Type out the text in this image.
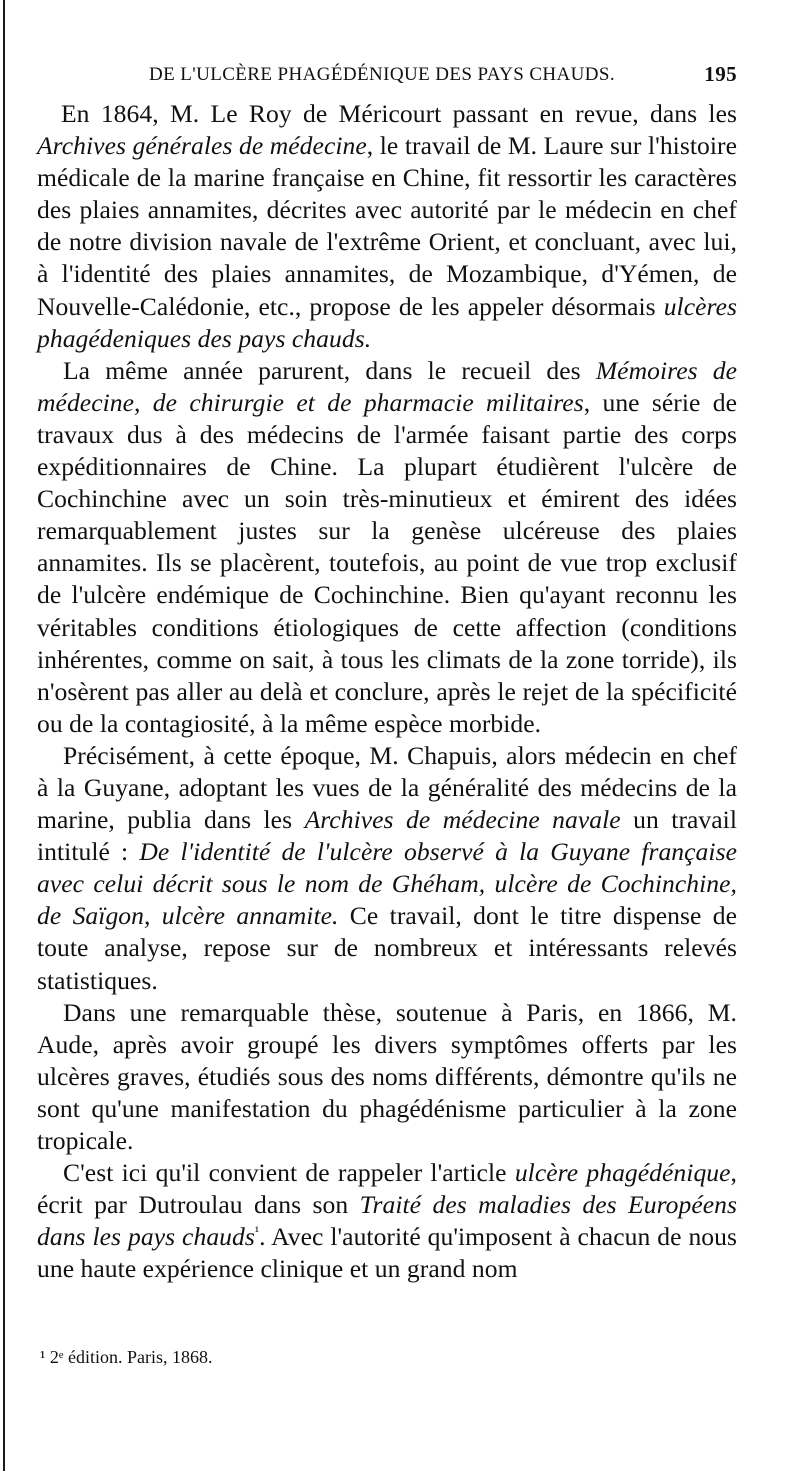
DE L'ULCÈRE PHAGÉDÉNIQUE DES PAYS CHAUDS.	195

En 1864, M. Le Roy de Méricourt passant en revue, dans les Archives générales de médecine, le travail de M. Laure sur l'histoire médicale de la marine française en Chine, fit ressortir les caractères des plaies annamites, décrites avec autorité par le médecin en chef de notre division navale de l'extrême Orient, et concluant, avec lui, à l'identité des plaies annamites, de Mozambique, d'Yémen, de Nouvelle-Calédonie, etc., propose de les appeler désormais ulcères phagédeniques des pays chauds.

La même année parurent, dans le recueil des Mémoires de médecine, de chirurgie et de pharmacie militaires, une série de travaux dus à des médecins de l'armée faisant partie des corps expéditionnaires de Chine. La plupart étudièrent l'ulcère de Cochinchine avec un soin très-minutieux et émirent des idées remarquablement justes sur la genèse ulcéreuse des plaies annamites. Ils se placèrent, toutefois, au point de vue trop exclusif de l'ulcère endémique de Cochinchine. Bien qu'ayant reconnu les véritables conditions étiologiques de cette affection (conditions inhérentes, comme on sait, à tous les climats de la zone torride), ils n'osèrent pas aller au delà et conclure, après le rejet de la spécificité ou de la contagiosité, à la même espèce morbide.

Précisément, à cette époque, M. Chapuis, alors médecin en chef à la Guyane, adoptant les vues de la généralité des médecins de la marine, publia dans les Archives de médecine navale un travail intitulé : De l'identité de l'ulcère observé à la Guyane française avec celui décrit sous le nom de Ghéham, ulcère de Cochinchine, de Saïgon, ulcère annamite. Ce travail, dont le titre dispense de toute analyse, repose sur de nombreux et intéressants relevés statistiques.

Dans une remarquable thèse, soutenue à Paris, en 1866, M. Aude, après avoir groupé les divers symptômes offerts par les ulcères graves, étudiés sous des noms différents, démontre qu'ils ne sont qu'une manifestation du phagédénisme particulier à la zone tropicale.

C'est ici qu'il convient de rappeler l'article ulcère phagédénique, écrit par Dutroulau dans son Traité des maladies des Européens dans les pays chauds$^{^1}$. Avec l'autorité qu'imposent à chacun de nous une haute expérience clinique et un grand nom

¹ 2ᵉ édition. Paris, 1868.
